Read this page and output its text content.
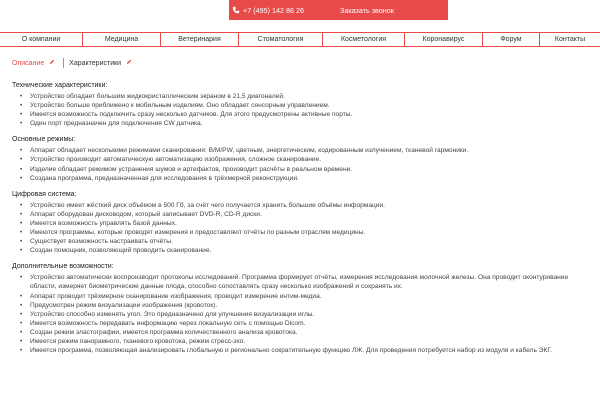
+7 (495) 142 86 26	Заказать звонок
О компании	Медицина	Ветеринария	Стоматология	Косметология	Коронавирус	Форум	Контакты
Описание	Характеристики
Технические характеристики:
• Устройство обладает большим жидкокристаллическим экраном в 21,5 диагоналей.
• Устройство больше приближено к мобильным изделиям. Оно обладает сенсорным управлением.
• Имеется возможность подключить сразу несколько датчиков. Для этого предусмотрены активные порты.
• Один порт предназначен для подключения CW датчика.
Основные режимы:
• Аппарат обладает несколькими режимами сканирования: B/M/PW, цветным, энергетическим, кодированным излучением, тканевой гармоники.
• Устройство производит автоматическую автоматизацию изображения, сложное сканирование.
• Изделие обладает режимом устранения шумов и артефактов, производит расчёты в реальном времени.
• Создана программа, предназначенная для исследования в трёхмерной реконструкции.
Цифровая система:
• Устройство имеет жёсткий диск объёмом в 500 Гб, за счёт чего получается хранить большие объёмы информации.
• Аппарат оборудован дисководом, который записывает DVD-R, CD-R диски.
• Имеется возможность управлять базой данных.
• Имеются программы, которые проводят измерения и предоставляют отчёты по разным отраслям медицины.
• Существует возможность настраивать отчёты.
• Создан помощник, позволяющий проводить сканирование.
Дополнительные возможности:
• Устройство автоматически воспроизводит протоколы исследований. Программа формирует отчёты, измерения исследования молочной железы. Она проводит оконтуривание области, измеряет биометрические данные плода, способно сопоставлять сразу несколько изображений и сохранять их.
• Аппарат проводит трёхмерное сканирование изображения, проводит измерение интим-медиа.
• Предусмотрен режим визуализации изображения (кровоток).
• Устройство способно изменять угол. Это предназначено для улучшения визуализации иглы.
• Имеется возможность передавать информацию через локальную сеть с помощью Dicom.
• Создан режим эластографии, имеется программа количественного анализа кровотока.
• Имеется режим панорамного, тканевого кровотока, режим стресс-эхо.
• Имеется программа, позволяющая анализировать глобальную и регионально сократительную функцию ЛЖ. Для проведения потребуется набор из модуля и кабель ЭКГ.
